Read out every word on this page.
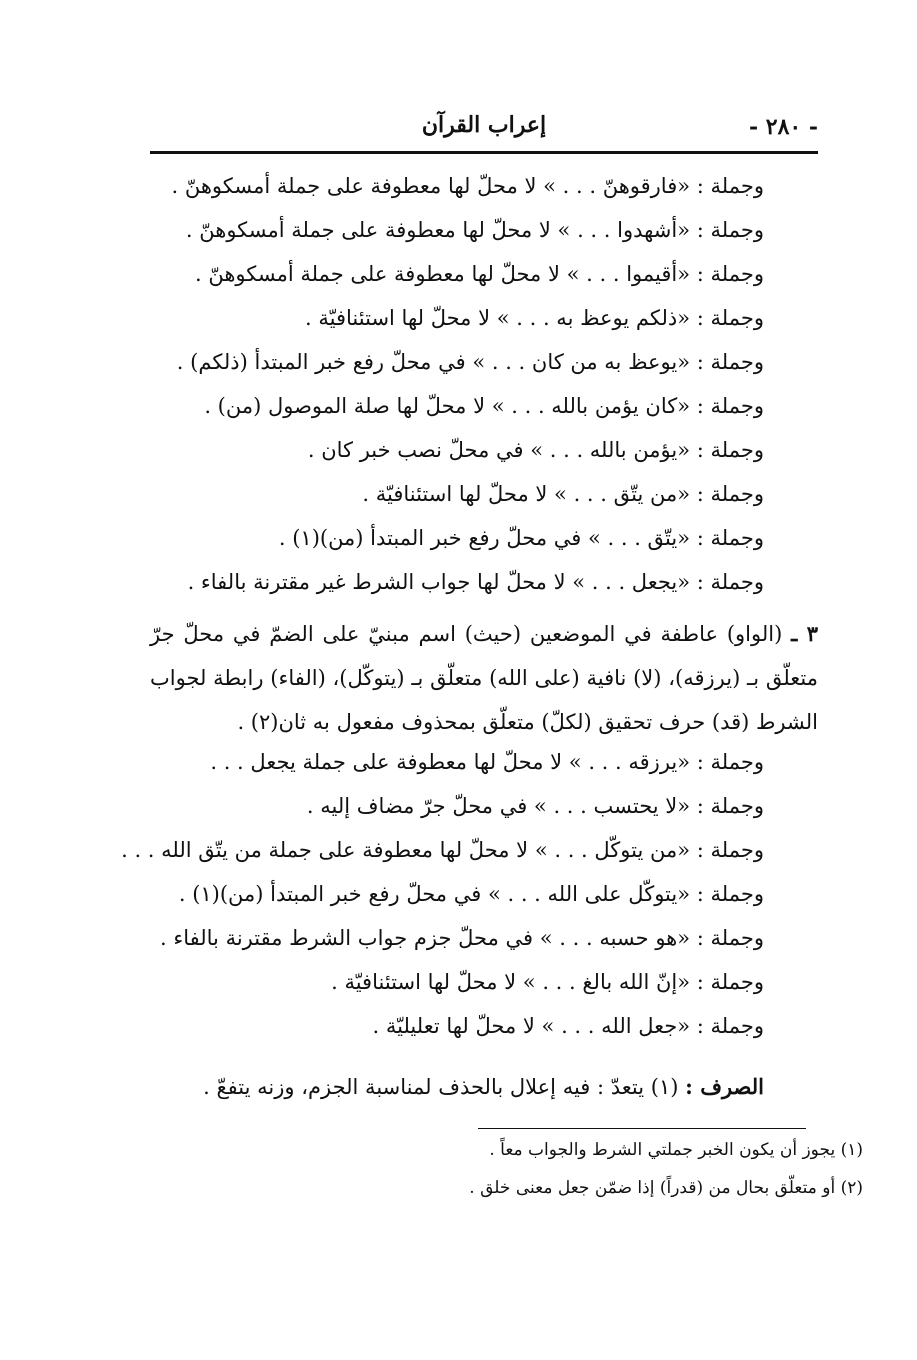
إعراب القرآن	- ٢٨٠ -
وجملة : «فارقوهنّ . . . » لا محلّ لها معطوفة على جملة أمسكوهنّ .
وجملة : «أشهدوا . . . » لا محلّ لها معطوفة على جملة أمسكوهنّ .
وجملة : «أقيموا . . . » لا محلّ لها معطوفة على جملة أمسكوهنّ .
وجملة : «ذلكم يوعظ به . . . » لا محلّ لها استئنافيّة .
وجملة : «يوعظ به من كان . . . » في محلّ رفع خبر المبتدأ (ذلكم) .
وجملة : «كان يؤمن بالله . . . » لا محلّ لها صلة الموصول (من) .
وجملة : «يؤمن بالله . . . » في محلّ نصب خبر كان .
وجملة : «من يتّق . . . » لا محلّ لها استئنافيّة .
وجملة : «يتّق . . . » في محلّ رفع خبر المبتدأ (من)(١) .
وجملة : «يجعل . . . » لا محلّ لها جواب الشرط غير مقترنة بالفاء .
٣ ـ (الواو) عاطفة في الموضعين (حيث) اسم مبنيّ على الضمّ في محلّ جرّ متعلّق بـ (يرزقه)، (لا) نافية (على الله) متعلّق بـ (يتوكّل)، (الفاء) رابطة لجواب الشرط (قد) حرف تحقيق (لكلّ) متعلّق بمحذوف مفعول به ثان(٢) .
وجملة : «يرزقه . . . » لا محلّ لها معطوفة على جملة يجعل . . .
وجملة : «لا يحتسب . . . » في محلّ جرّ مضاف إليه .
وجملة : «من يتوكّل . . . » لا محلّ لها معطوفة على جملة من يتّق الله . . .
وجملة : «يتوكّل على الله . . . » في محلّ رفع خبر المبتدأ (من)(١) .
وجملة : «هو حسبه . . . » في محلّ جزم جواب الشرط مقترنة بالفاء .
وجملة : «إنّ الله بالغ . . . » لا محلّ لها استئنافيّة .
وجملة : «جعل الله . . . » لا محلّ لها تعليليّة .
الصرف : (١) يتعدّ : فيه إعلال بالحذف لمناسبة الجزم، وزنه يتفعّ .
(١) يجوز أن يكون الخبر جملتي الشرط والجواب معاً .
(٢) أو متعلّق بحال من (قدراً) إذا ضمّن جعل معنى خلق .
